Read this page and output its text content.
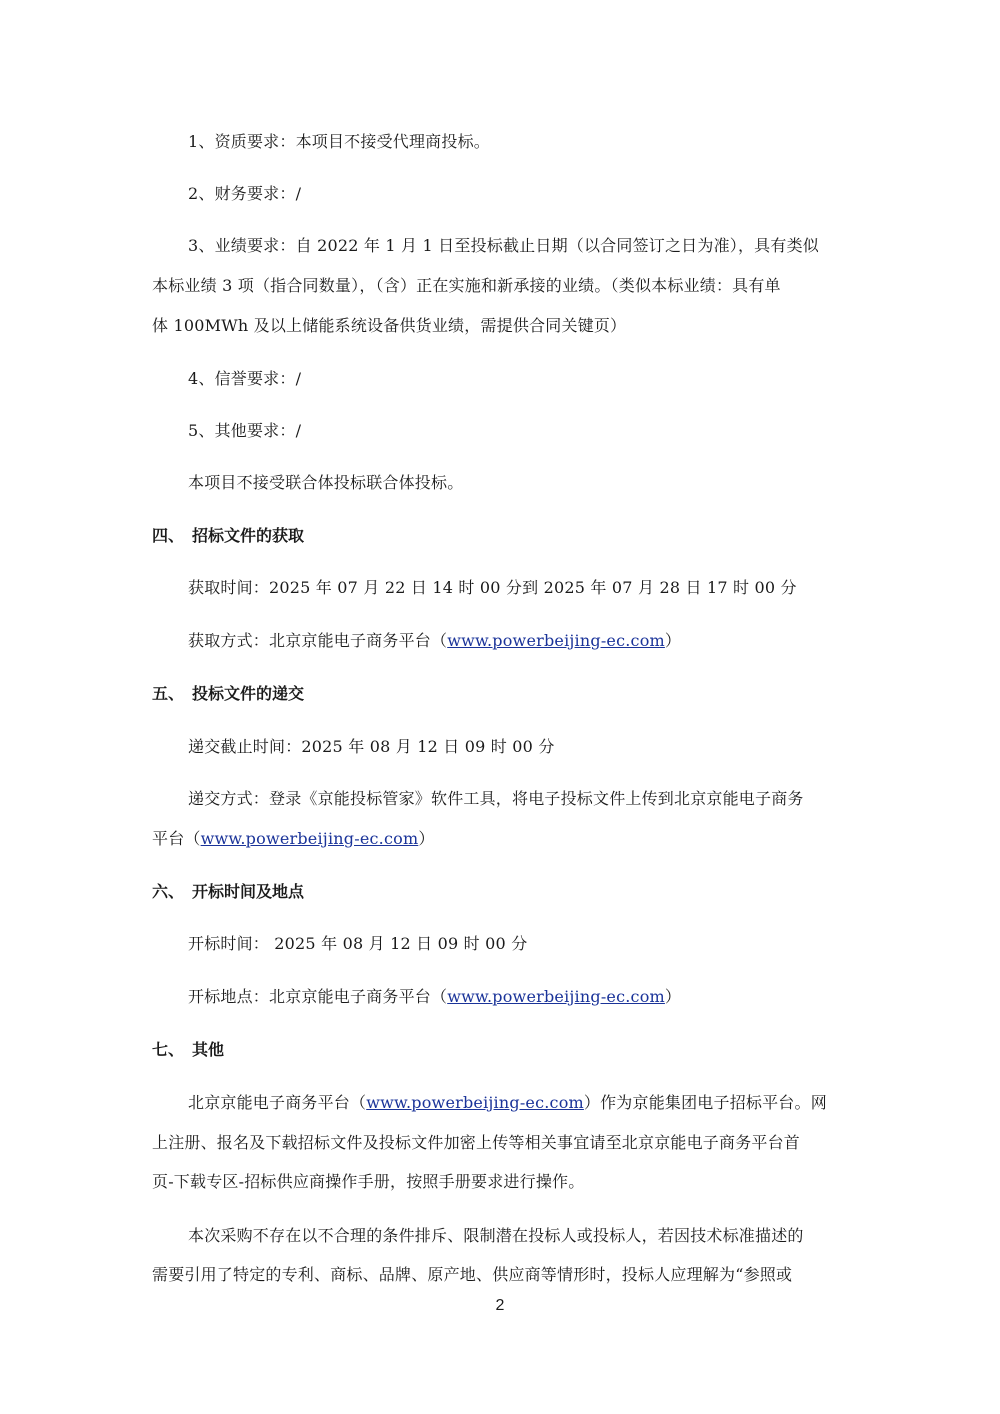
1、资质要求：本项目不接受代理商投标。
2、财务要求：/
3、业绩要求：自 2022 年 1 月 1 日至投标截止日期（以合同签订之日为准），具有类似
本标业绩 3 项（指合同数量），（含）正在实施和新承接的业绩。（类似本标业绩：具有单
体 100MWh 及以上储能系统设备供货业绩，需提供合同关键页）
4、信誉要求：/
5、其他要求：/
本项目不接受联合体投标联合体投标。
四、 招标文件的获取
获取时间：2025 年 07 月 22 日 14 时 00 分到 2025 年 07 月 28 日 17 时 00 分
获取方式：北京京能电子商务平台（www.powerbeijing-ec.com）
五、 投标文件的递交
递交截止时间：2025 年 08 月 12 日 09 时 00 分
递交方式：登录《京能投标管家》软件工具，将电子投标文件上传到北京京能电子商务
平台（www.powerbeijing-ec.com）
六、 开标时间及地点
开标时间： 2025 年 08 月 12 日 09 时 00 分
开标地点：北京京能电子商务平台（www.powerbeijing-ec.com）
七、 其他
北京京能电子商务平台（www.powerbeijing-ec.com）作为京能集团电子招标平台。网
上注册、报名及下载招标文件及投标文件加密上传等相关事宜请至北京京能电子商务平台首
页-下载专区-招标供应商操作手册，按照手册要求进行操作。
本次采购不存在以不合理的条件排斥、限制潜在投标人或投标人，若因技术标准描述的
需要引用了特定的专利、商标、品牌、原产地、供应商等情形时，投标人应理解为“参照或
2
